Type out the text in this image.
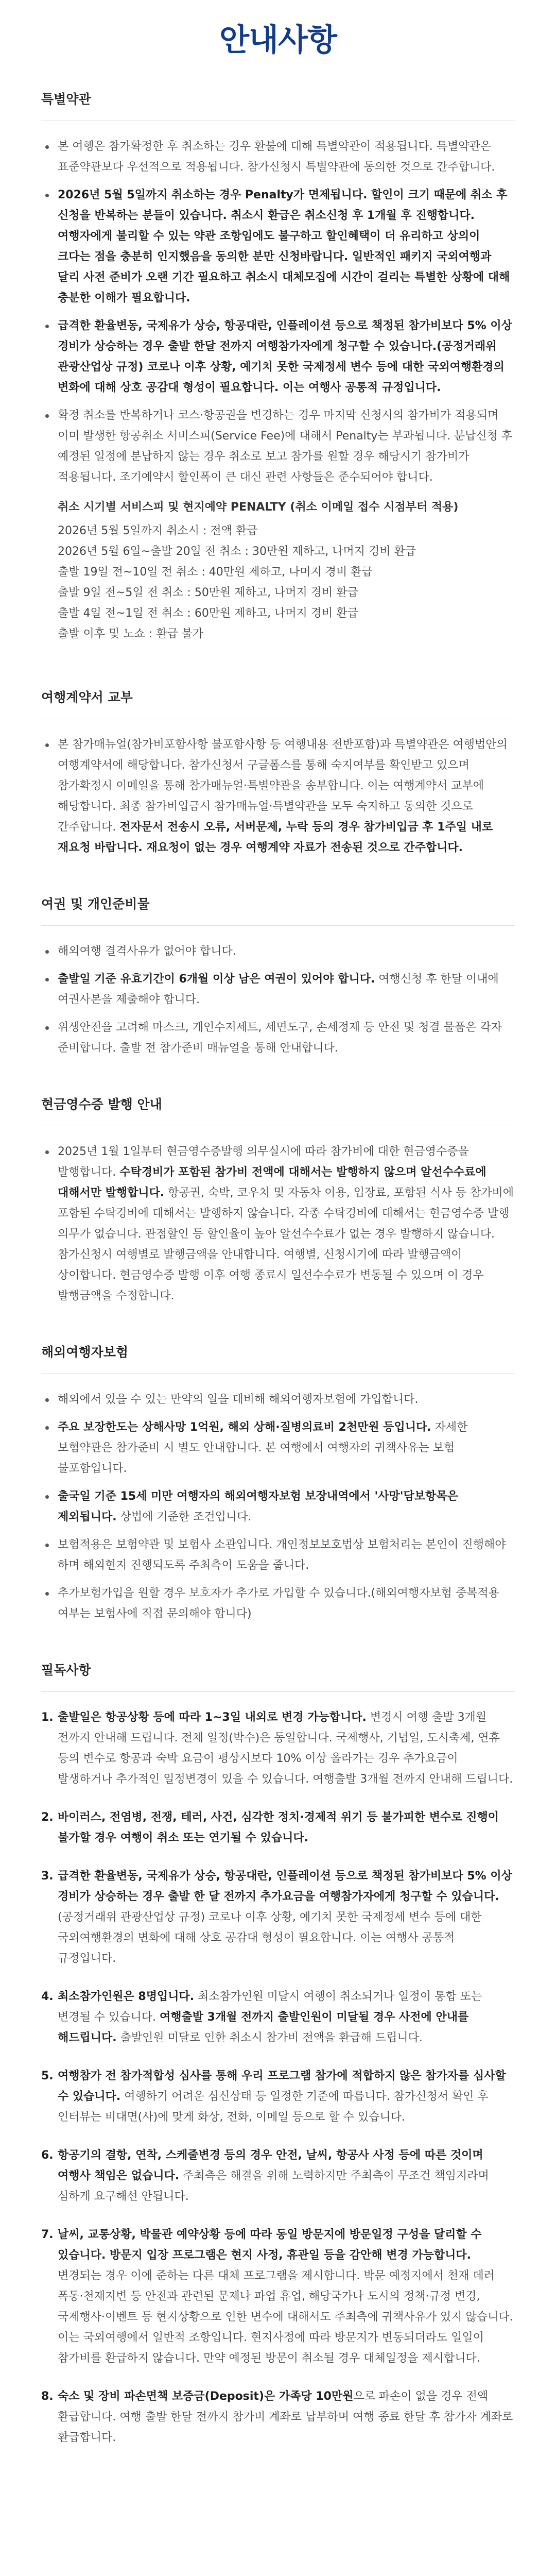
안내사항
특별약관
본 여행은 참가확정한 후 취소하는 경우 환불에 대해 특별약관이 적용됩니다. 특별약관은 표준약관보다 우선적으로 적용됩니다. 참가신청시 특별약관에 동의한 것으로 간주합니다.
2026년 5월 5일까지 취소하는 경우 Penalty가 면제됩니다. 할인이 크기 때문에 취소 후 신청을 반복하는 분들이 있습니다. 취소시 환급은 취소신청 후 1개월 후 진행합니다. 여행자에게 불리할 수 있는 약관 조항임에도 불구하고 할인혜택이 더 유리하고 상의이 크다는 점을 충분히 인지했음을 동의한 분만 신청바랍니다. 일반적인 패키지 국외여행과 달리 사전 준비가 오랜 기간 필요하고 취소시 대체모집에 시간이 걸리는 특별한 상황에 대해 충분한 이해가 필요합니다.
급격한 환율변동, 국제유가 상승, 항공대란, 인플레이션 등으로 책정된 참가비보다 5% 이상 경비가 상승하는 경우 출발 한달 전까지 여행참가자에게 청구할 수 있습니다.(공정거래위 관광산업상 규정) 코로나 이후 상황, 예기치 못한 국제정세 변수 등에 대한 국외여행환경의 변화에 대해 상호 공감대 형성이 필요합니다. 이는 여행사 공통적 규정입니다.
확정 취소를 반복하거나 코스·항공권을 변경하는 경우 마지막 신청시의 참가비가 적용되며 이미 발생한 항공취소 서비스피(Service Fee)에 대해서 Penalty는 부과됩니다. 분납신청 후 예정된 일정에 분납하지 않는 경우 취소로 보고 참가를 원할 경우 해당시기 참가비가 적용됩니다. 조기예약시 할인폭이 큰 대신 관련 사항들은 준수되어야 합니다.

취소 시기별 서비스피 및 현지예약 PENALTY (취소 이메일 접수 시점부터 적용)

2026년 5월 5일까지 취소시 : 전액 환급

2026년 5월 6일~출발 20일 전 취소 : 30만원 제하고, 나머지 경비 환급

출발 19일 전~10일 전 취소 : 40만원 제하고, 나머지 경비 환급

출발 9일 전~5일 전 취소 : 50만원 제하고, 나머지 경비 환급

출발 4일 전~1일 전 취소 : 60만원 제하고, 나머지 경비 환급

출발 이후 및 노쇼 : 환급 불가

여행계약서 교부
본 참가매뉴얼(참가비포함사항 불포함사항 등 여행내용 전반포함)과 특별약관은 여행법안의 여행계약서에 해당합니다. 참가신청서 구글폼스를 통해 숙지여부를 확인받고 있으며 참가확정시 이메일을 통해 참가매뉴얼·특별약관을 송부합니다. 이는 여행계약서 교부에 해당합니다. 최종 참가비입금시 참가매뉴얼·특별약관을 모두 숙지하고 동의한 것으로 간주합니다. 전자문서 전송시 오류, 서버문제, 누락 등의 경우 참가비입금 후 1주일 내로 재요청 바랍니다. 재요청이 없는 경우 여행계약 자료가 전송된 것으로 간주합니다.
여권 및 개인준비물
해외여행 결격사유가 없어야 합니다.
출발일 기준 유효기간이 6개월 이상 남은 여권이 있어야 합니다. 여행신청 후 한달 이내에 여권사본을 제출해야 합니다.
위생안전을 고려해 마스크, 개인수저세트, 세면도구, 손세정제 등 안전 및 청결 물품은 각자 준비합니다. 출발 전 참가준비 매뉴얼을 통해 안내합니다.
현금영수증 발행 안내
2025년 1월 1일부터 현금영수증발행 의무실시에 따라 참가비에 대한 현금영수증을 발행합니다. 수탁경비가 포함된 참가비 전액에 대해서는 발행하지 않으며 알선수수료에 대해서만 발행합니다. 항공권, 숙박, 코우치 및 자동차 이용, 입장료, 포함된 식사 등 참가비에 포함된 수탁경비에 대해서는 발행하지 않습니다. 각종 수탁경비에 대해서는 현금영수증 발행 의무가 없습니다. 관점할인 등 할인율이 높아 알선수수료가 없는 경우 발행하지 않습니다. 참가신청시 여행별로 발행금액을 안내합니다. 여행별, 신청시기에 따라 발행금액이 상이합니다. 현금영수증 발행 이후 여행 종료시 일선수수료가 변동될 수 있으며 이 경우 발행금액을 수정합니다.
해외여행자보험
해외에서 있을 수 있는 만약의 일을 대비해 해외여행자보험에 가입합니다.
주요 보장한도는 상해사망 1억원, 해외 상해·질병의료비 2천만원 등입니다. 자세한 보험약관은 참가준비 시 별도 안내합니다. 본 여행에서 여행자의 귀책사유는 보험 불포함입니다.
출국일 기준 15세 미만 여행자의 해외여행자보험 보장내역에서 '사망'담보항목은 제외됩니다. 상법에 기준한 조건입니다.
보험적용은 보험약관 및 보험사 소관입니다. 개인정보보호법상 보험처리는 본인이 진행해야 하며 해외현지 진행되도록 주최측이 도움을 줍니다.
추가보험가입을 원할 경우 보호자가 추가로 가입할 수 있습니다.(해외여행자보험 중복적용 여부는 보험사에 직접 문의해야 합니다)
필독사항
1. 출발일은 항공상황 등에 따라 1~3일 내외로 변경 가능합니다. 변경시 여행 출발 3개월 전까지 안내해 드립니다. 전체 일정(박수)은 동일합니다. 국제행사, 기념일, 도시축제, 연휴 등의 변수로 항공과 숙박 요금이 평상시보다 10% 이상 올라가는 경우 추가요금이 발생하거나 추가적인 일정변경이 있을 수 있습니다. 여행출발 3개월 전까지 안내해 드립니다.
2. 바이러스, 전염병, 전쟁, 테러, 사건, 심각한 정치·경제적 위기 등 불가피한 변수로 진행이 불가할 경우 여행이 취소 또는 연기될 수 있습니다.
3. 급격한 환율변동, 국제유가 상승, 항공대란, 인플레이션 등으로 책정된 참가비보다 5% 이상 경비가 상승하는 경우 출발 한 달 전까지 추가요금을 여행참가자에게 청구할 수 있습니다. (공정거래위 관광산업상 규정) 코로나 이후 상황, 예기치 못한 국제정세 변수 등에 대한 국외여행환경의 변화에 대해 상호 공감대 형성이 필요합니다. 이는 여행사 공통적 규정입니다.
4. 최소참가인원은 8명입니다. 최소참가인원 미달시 여행이 취소되거나 일정이 통합 또는 변경될 수 있습니다. 여행출발 3개월 전까지 출발인원이 미달될 경우 사전에 안내를 해드립니다. 출발인원 미달로 인한 취소시 참가비 전액을 환급해 드립니다.
5. 여행참가 전 참가적합성 심사를 통해 우리 프로그램 참가에 적합하지 않은 참가자를 심사할 수 있습니다. 여행하기 어려운 심신상태 등 일정한 기준에 따릅니다. 참가신청서 확인 후 인터뷰는 비대면(사)에 맞게 화상, 전화, 이메일 등으로 할 수 있습니다.
6. 항공기의 결항, 연착, 스케줄변경 등의 경우 안전, 날씨, 항공사 사정 등에 따른 것이며 여행사 책임은 없습니다. 주최측은 해결을 위해 노력하지만 주최측이 무조건 책임지라며 심하게 요구해선 안됩니다.
7. 날씨, 교통상황, 박물관 예약상황 등에 따라 동일 방문지에 방문일정 구성을 달리할 수 있습니다. 방문지 입장 프로그램은 현지 사정, 휴관일 등을 감안해 변경 가능합니다. 변경되는 경우 이에 준하는 다른 대체 프로그램을 제시합니다. 박문 예정지에서 천재 데러 폭동·천재지변 등 안전과 관련된 문제나 파업 휴업, 해당국가나 도시의 정책·규정 변경, 국제행사·이벤트 등 현지상황으로 인한 변수에 대해서도 주최측에 귀책사유가 있지 않습니다. 이는 국외여행에서 일반적 조항입니다. 현지사정에 따라 방문지가 변동되더라도 일일이 참가비를 환급하지 않습니다. 만약 예정된 방문이 취소될 경우 대체일정을 제시합니다.
8. 숙소 및 장비 파손면책 보증금(Deposit)은 가족당 10만원으로 파손이 없을 경우 전액 환급합니다. 여행 출발 한달 전까지 참가비 계좌로 납부하며 여행 종료 한달 후 참가자 계좌로 환급합니다.
